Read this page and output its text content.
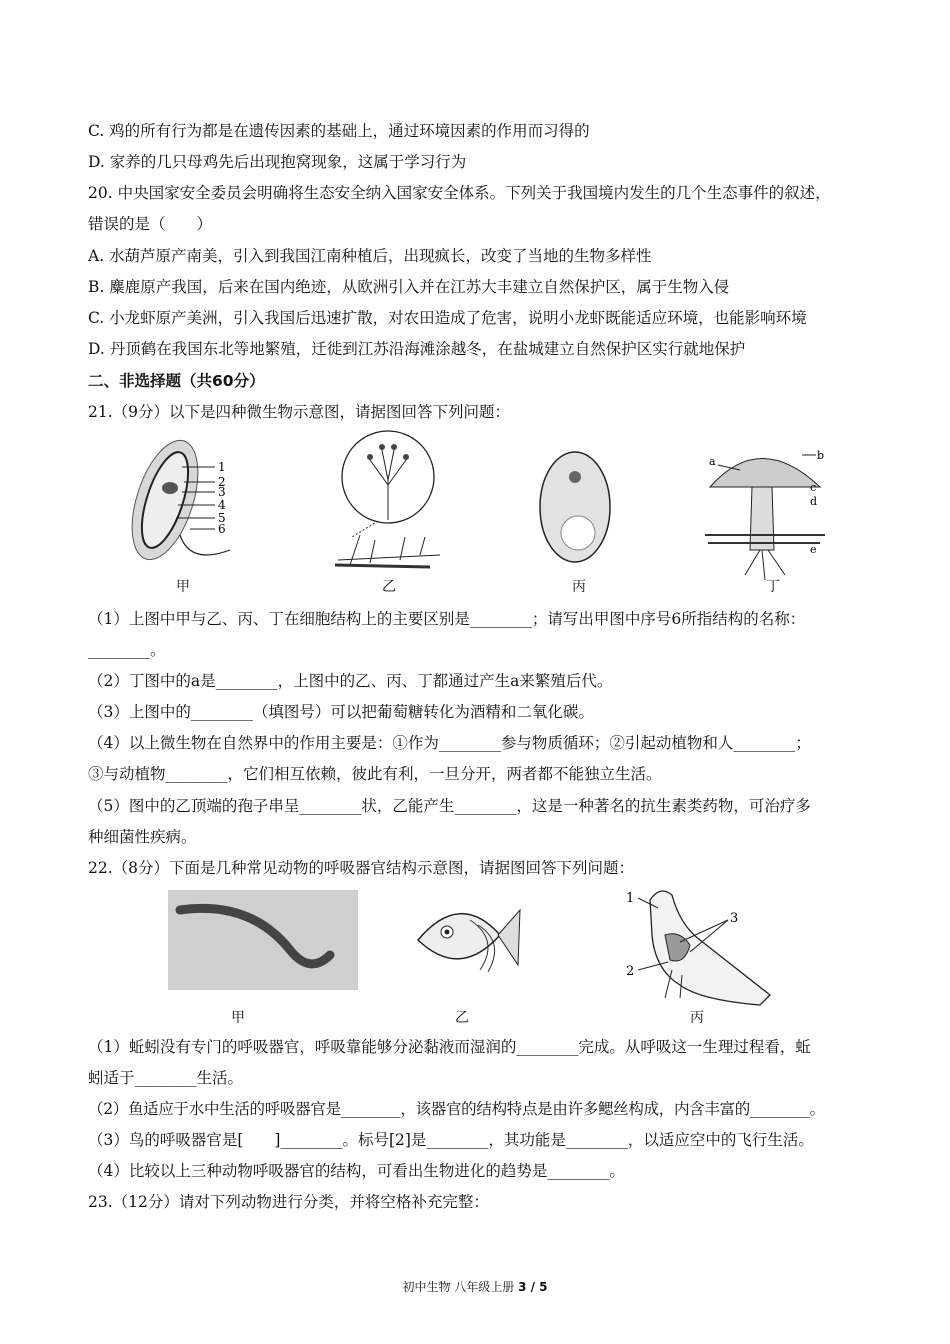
C. 鸡的所有行为都是在遗传因素的基础上，通过环境因素的作用而习得的
D. 家养的几只母鸡先后出现抱窝现象，这属于学习行为
20. 中央国家安全委员会明确将生态安全纳入国家安全体系。下列关于我国境内发生的几个生态事件的叙述，
错误的是（　　）
A. 水葫芦原产南美，引入到我国江南种植后，出现疯长，改变了当地的生物多样性
B. 麋鹿原产我国，后来在国内绝迹，从欧洲引入并在江苏大丰建立自然保护区，属于生物入侵
C. 小龙虾原产美洲，引入我国后迅速扩散，对农田造成了危害，说明小龙虾既能适应环境，也能影响环境
D. 丹顶鹤在我国东北等地繁殖，迁徙到江苏沿海滩涂越冬，在盐城建立自然保护区实行就地保护
二、非选择题（共60分）
21.（9分）以下是四种微生物示意图，请据图回答下列问题：
1
2
3
4
5
6
a	b
c
d
e
甲	乙	丙	丁
（1）上图中甲与乙、丙、丁在细胞结构上的主要区别是________；请写出甲图中序号6所指结构的名称：
________。
（2）丁图中的a是________，上图中的乙、丙、丁都通过产生a来繁殖后代。
（3）上图中的________（填图号）可以把葡萄糖转化为酒精和二氧化碳。
（4）以上微生物在自然界中的作用主要是：①作为________参与物质循环；②引起动植物和人________；
③与动植物________，它们相互依赖，彼此有利，一旦分开，两者都不能独立生活。
（5）图中的乙顶端的孢子串呈________状，乙能产生________，这是一种著名的抗生素类药物，可治疗多
种细菌性疾病。
22.（8分）下面是几种常见动物的呼吸器官结构示意图，请据图回答下列问题：
1
2
3
甲	乙	丙
（1）蚯蚓没有专门的呼吸器官，呼吸靠能够分泌黏液而湿润的________完成。从呼吸这一生理过程看，蚯
蚓适于________生活。
（2）鱼适应于水中生活的呼吸器官是________，该器官的结构特点是由许多鳃丝构成，内含丰富的________。
（3）鸟的呼吸器官是[　　]________。标号[2]是________，其功能是________，以适应空中的飞行生活。
（4）比较以上三种动物呼吸器官的结构，可看出生物进化的趋势是________。
23.（12分）请对下列动物进行分类，并将空格补充完整：
初中生物 八年级上册 3 / 5
